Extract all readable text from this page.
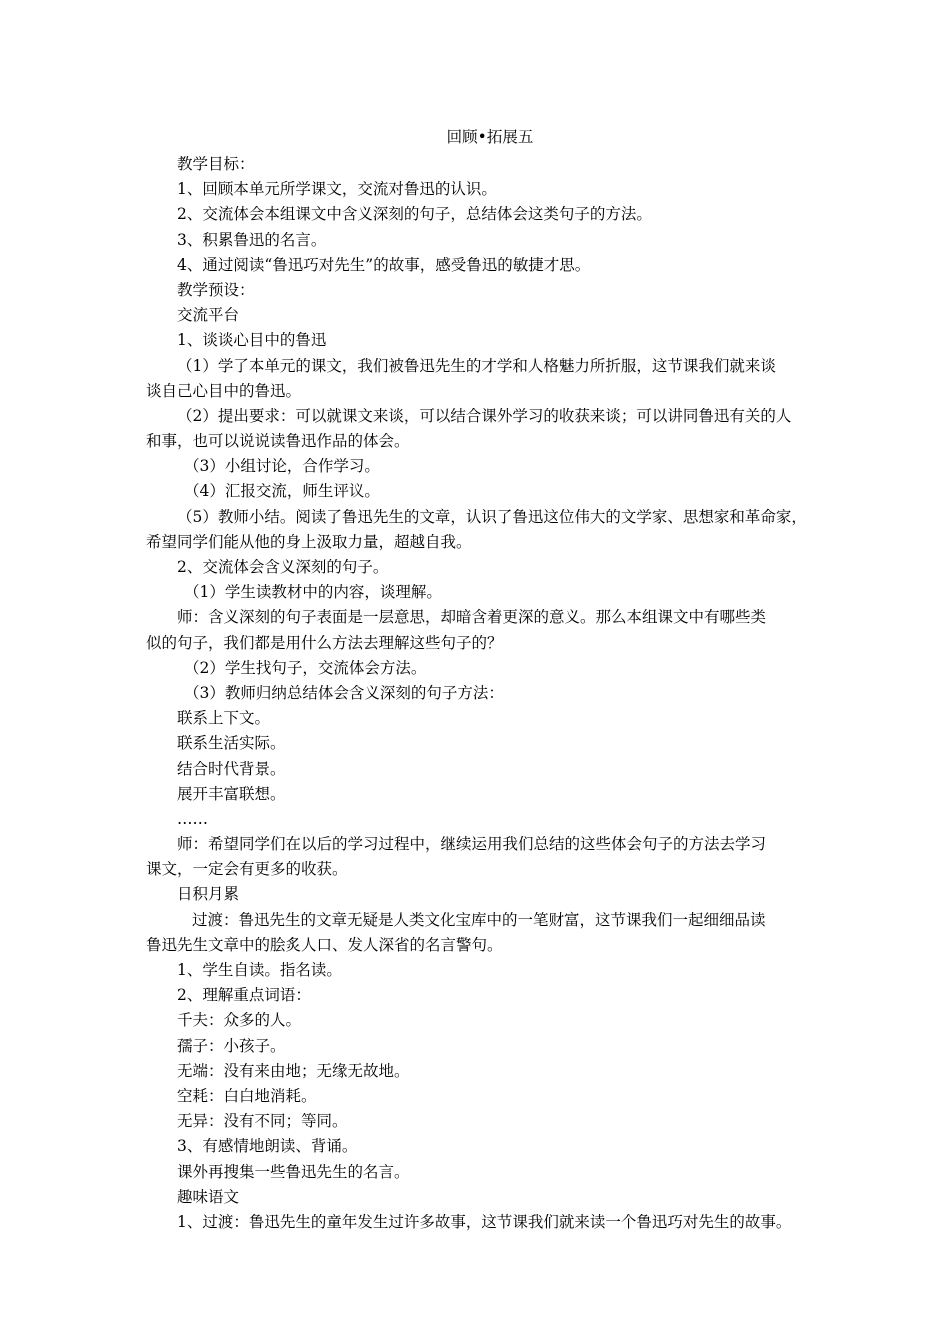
回顾•拓展五
教学目标：
1、回顾本单元所学课文，交流对鲁迅的认识。
2、交流体会本组课文中含义深刻的句子，总结体会这类句子的方法。
3、积累鲁迅的名言。
4、通过阅读“鲁迅巧对先生”的故事，感受鲁迅的敏捷才思。
教学预设：
交流平台
1、谈谈心目中的鲁迅
（1）学了本单元的课文，我们被鲁迅先生的才学和人格魅力所折服，这节课我们就来谈
谈自己心目中的鲁迅。
（2）提出要求：可以就课文来谈，可以结合课外学习的收获来谈；可以讲同鲁迅有关的人
和事，也可以说说读鲁迅作品的体会。
（3）小组讨论，合作学习。
（4）汇报交流，师生评议。
（5）教师小结。阅读了鲁迅先生的文章，认识了鲁迅这位伟大的文学家、思想家和革命家，
希望同学们能从他的身上汲取力量，超越自我。
2、交流体会含义深刻的句子。
（1）学生读教材中的内容，谈理解。
师：含义深刻的句子表面是一层意思，却暗含着更深的意义。那么本组课文中有哪些类
似的句子，我们都是用什么方法去理解这些句子的？
（2）学生找句子，交流体会方法。
（3）教师归纳总结体会含义深刻的句子方法：
联系上下文。
联系生活实际。
结合时代背景。
展开丰富联想。
……
师：希望同学们在以后的学习过程中，继续运用我们总结的这些体会句子的方法去学习
课文，一定会有更多的收获。
日积月累
过渡：鲁迅先生的文章无疑是人类文化宝库中的一笔财富，这节课我们一起细细品读
鲁迅先生文章中的脍炙人口、发人深省的名言警句。
1、学生自读。指名读。
2、理解重点词语：
千夫：众多的人。
孺子：小孩子。
无端：没有来由地；无缘无故地。
空耗：白白地消耗。
无异：没有不同；等同。
3、有感情地朗读、背诵。
课外再搜集一些鲁迅先生的名言。
趣味语文
1、过渡：鲁迅先生的童年发生过许多故事，这节课我们就来读一个鲁迅巧对先生的故事。
